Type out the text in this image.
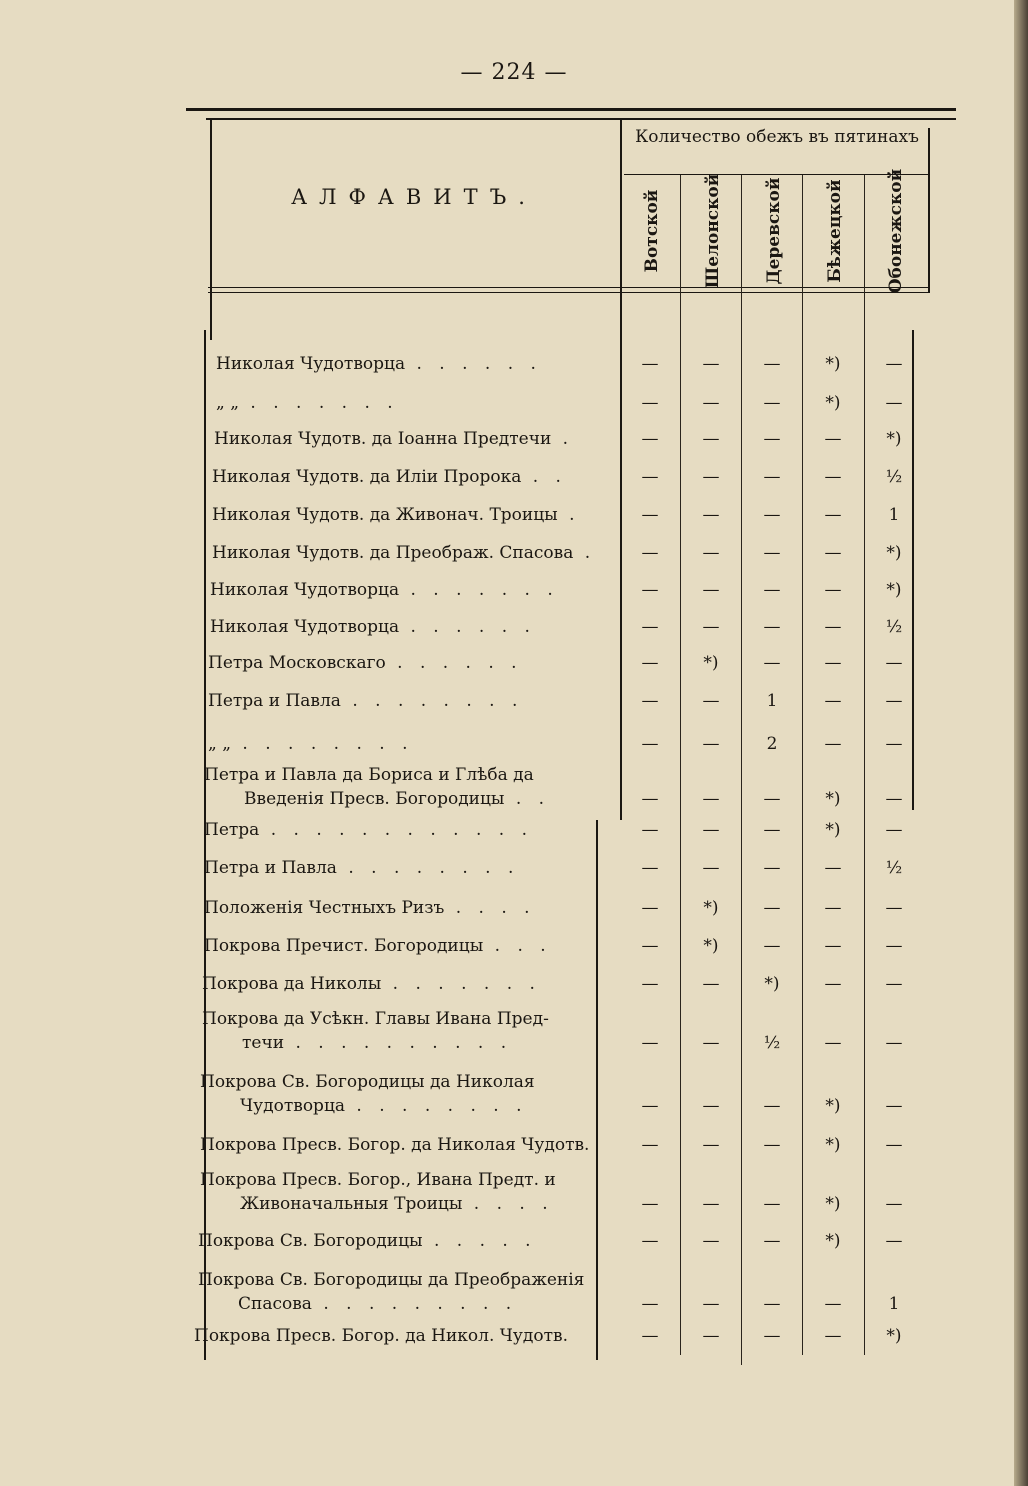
— 224 —
АЛФАВИТЪ.
Количество обежъ въ пятинахъ
Вотской Шелонской Деревской Бѣжецкой Обонежской
Николая Чудотворца . . . . . .	—	—	—	*)	—
„ „ . . . . . . .	—	—	—	*)	—
Николая Чудотв. да Іоанна Предтечи .	—	—	—	—	*)
Николая Чудотв. да Иліи Пророка . .	—	—	—	—	½
Николая Чудотв. да Живонач. Троицы .	—	—	—	—	1
Николая Чудотв. да Преображ. Спасова .	—	—	—	—	*)
Николая Чудотворца . . . . . . .	—	—	—	—	*)
Николая Чудотворца . . . . . .	—	—	—	—	½
Петра Московскаго . . . . . .	—	*)	—	—	—
Петра и Павла . . . . . . . .	—	—	1	—	—
„ „ . . . . . . . .	—	—	2	—	—
Петра и Павла да Бориса и Глѣба да
Введенія Пресв. Богородицы . .	—	—	—	*)	—
Петра . . . . . . . . . . . .	—	—	—	*)	—
Петра и Павла . . . . . . . .	—	—	—	—	½
Положенія Честныхъ Ризъ . . . .	—	*)	—	—	—
Покрова Пречист. Богородицы . . .	—	*)	—	—	—
Покрова да Николы . . . . . . .	—	—	*)	—	—
Покрова да Усѣкн. Главы Ивана Пред-
течи . . . . . . . . . .	—	—	½	—	—
Покрова Св. Богородицы да Николая
Чудотворца . . . . . . . .	—	—	—	*)	—
Покрова Пресв. Богор. да Николая Чудотв.	—	—	—	*)	—
Покрова Пресв. Богор., Ивана Предт. и
Живоначальныя Троицы . . . .	—	—	—	*)	—
Покрова Св. Богородицы . . . . .	—	—	—	*)	—
Покрова Св. Богородицы да Преображенія
Спасова . . . . . . . . .	—	—	—	—	1
Покрова Пресв. Богор. да Никол. Чудотв.	—	—	—	—	*)
